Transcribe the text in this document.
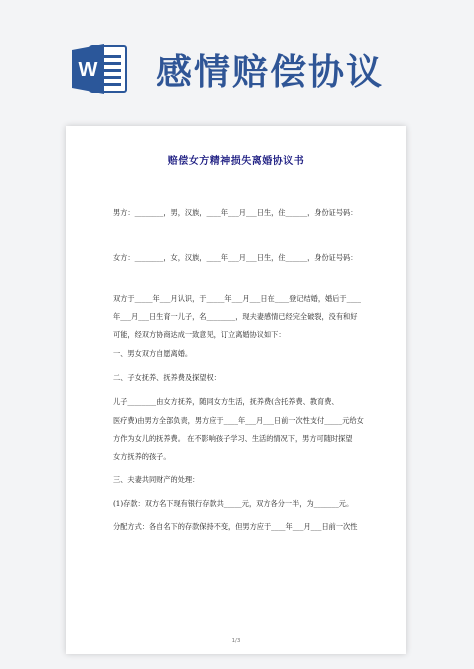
W 感情赔偿协议
赔偿女方精神损失离婚协议书
男方：________，男，汉族，____年___月___日生，住______，身份证号码：
女方：________，女，汉族，____年___月___日生，住______，身份证号码：
双方于_____年___月认识，于_____年___月___日在____登记结婚，婚后于____
年___月___日生育一儿子，名________，现夫妻感情已经完全破裂，没有和好
可能，经双方协商达成一致意见，订立离婚协议如下：
一、男女双方自愿离婚。
二、子女抚养、抚养费及探望权：
儿子________由女方抚养，随同女方生活，抚养费(含托养费、教育费、
医疗费)由男方全部负责，男方应于____年___月___日前一次性支付_____元给女
方作为女儿的抚养费。 在不影响孩子学习、生活的情况下，男方可随时探望
女方抚养的孩子。
三、夫妻共同财产的处理：
(1)存款：双方名下现有银行存款共_____元，双方各分一半，为_______元。
分配方式：各自名下的存款保持不变，但男方应于____年___月___日前一次性
1/3
